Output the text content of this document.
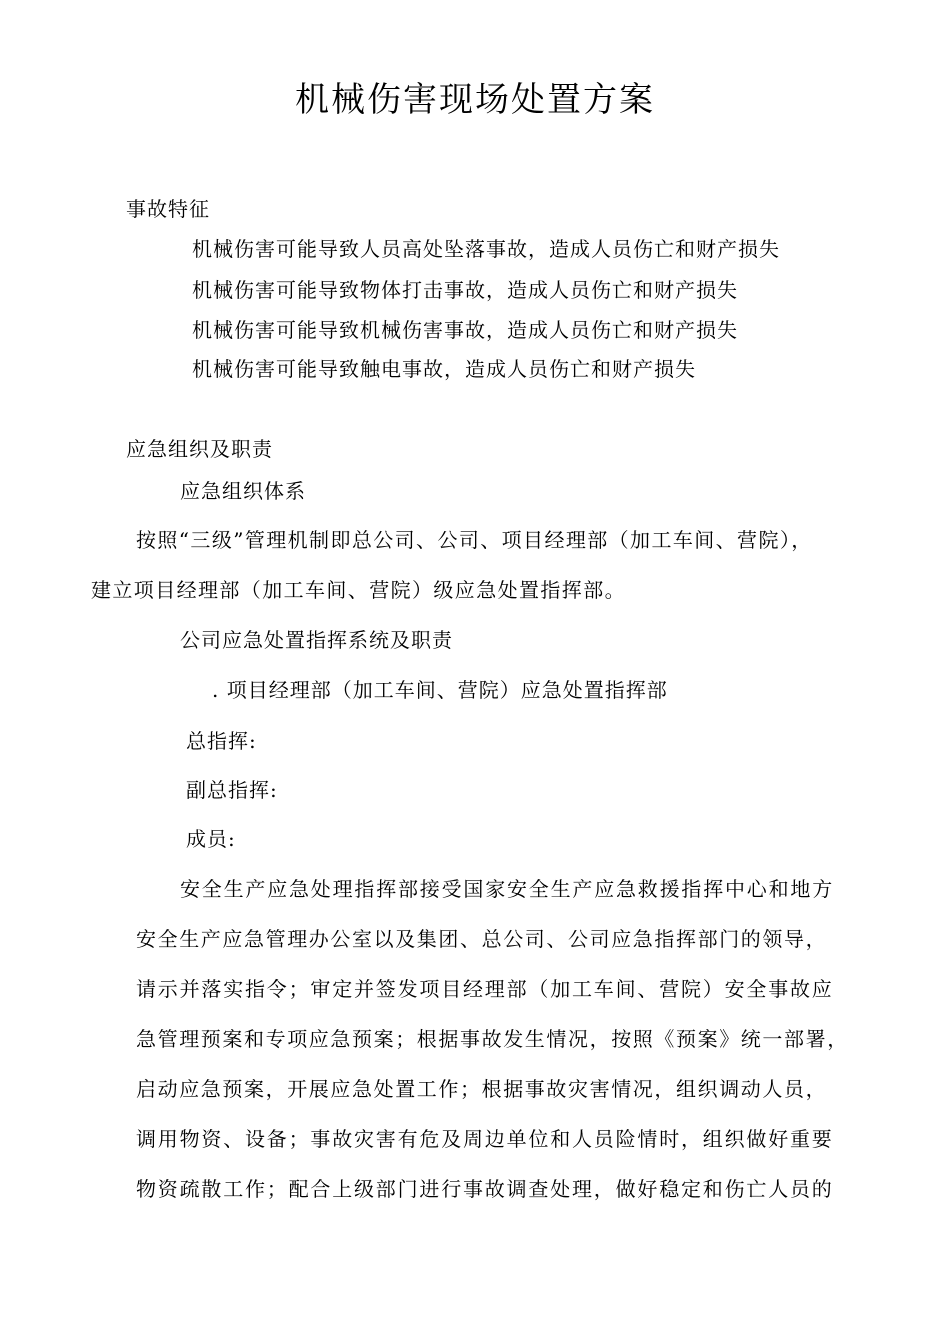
机械伤害现场处置方案
事故特征
机械伤害可能导致人员高处坠落事故，造成人员伤亡和财产损失
机械伤害可能导致物体打击事故，造成人员伤亡和财产损失
机械伤害可能导致机械伤害事故，造成人员伤亡和财产损失
机械伤害可能导致触电事故，造成人员伤亡和财产损失
应急组织及职责
应急组织体系
按照“三级”管理机制即总公司、公司、项目经理部（加工车间、营院），
建立项目经理部（加工车间、营院）级应急处置指挥部。
公司应急处置指挥系统及职责
. 项目经理部（加工车间、营院）应急处置指挥部
总指挥:
副总指挥:
成员:
安全生产应急处理指挥部接受国家安全生产应急救援指挥中心和地方
安全生产应急管理办公室以及集团、总公司、公司应急指挥部门的领导，
请示并落实指令；审定并签发项目经理部（加工车间、营院）安全事故应
急管理预案和专项应急预案；根据事故发生情况，按照《预案》统一部署，
启动应急预案，开展应急处置工作；根据事故灾害情况，组织调动人员，
调用物资、设备；事故灾害有危及周边单位和人员险情时，组织做好重要
物资疏散工作；配合上级部门进行事故调查处理，做好稳定和伤亡人员的
